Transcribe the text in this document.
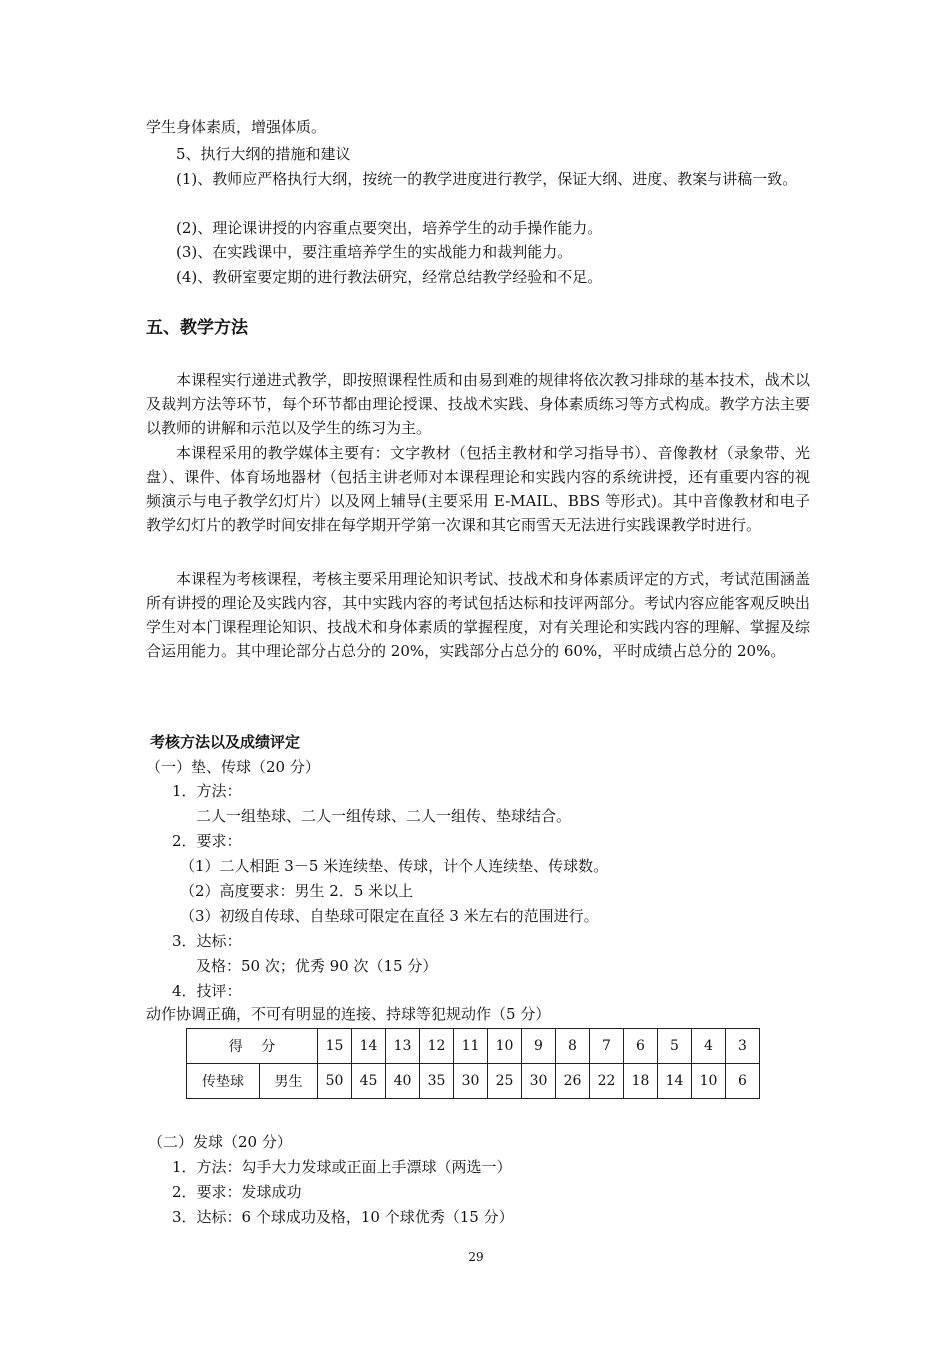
学生身体素质，增强体质。
5、执行大纲的措施和建议

(1)、教师应严格执行大纲，按统一的教学进度进行教学，保证大纲、进度、教案与讲稿一致。

(2)、理论课讲授的内容重点要突出，培养学生的动手操作能力。
(3)、在实践课中，要注重培养学生的实战能力和裁判能力。
(4)、教研室要定期的进行教法研究，经常总结教学经验和不足。
五、教学方法

本课程实行递进式教学，即按照课程性质和由易到难的规律将依次教习排球的基本技术，战术以及裁判方法等环节，每个环节都由理论授课、技战术实践、身体素质练习等方式构成。教学方法主要以教师的讲解和示范以及学生的练习为主。

本课程采用的教学媒体主要有：文字教材（包括主教材和学习指导书）、音像教材（录象带、光盘）、课件、体育场地器材（包括主讲老师对本课程理论和实践内容的系统讲授，还有重要内容的视频演示与电子教学幻灯片）以及网上辅导(主要采用 E-MAIL、BBS 等形式)。其中音像教材和电子教学幻灯片的教学时间安排在每学期开学第一次课和其它雨雪天无法进行实践课教学时进行。

本课程为考核课程，考核主要采用理论知识考试、技战术和身体素质评定的方式，考试范围涵盖所有讲授的理论及实践内容，其中实践内容的考试包括达标和技评两部分。考试内容应能客观反映出学生对本门课程理论知识、技战术和身体素质的掌握程度，对有关理论和实践内容的理解、掌握及综合运用能力。其中理论部分占总分的 20%，实践部分占总分的 60%，平时成绩占总分的 20%。

考核方法以及成绩评定
（一）垫、传球（20 分）
1．方法：
二人一组垫球、二人一组传球、二人一组传、垫球结合。
2．要求：
（1）二人相距 3－5 米连续垫、传球，计个人连续垫、传球数。
（2）高度要求：男生 2．5 米以上
（3）初级自传球、自垫球可限定在直径 3 米左右的范围进行。
3．达标：
及格：50 次；优秀 90 次（15 分）
4．技评：
动作协调正确，不可有明显的连接、持球等犯规动作（5 分）
得　 分		15	14	13	12	11	10	9	8	7	6	5	4	3
传垫球	男生	50	45	40	35	30	25	30	26	22	18	14	10	6
（二）发球（20 分）
1．方法：勾手大力发球或正面上手漂球（两选一）
2．要求：发球成功
3．达标：6 个球成功及格，10 个球优秀（15 分）
29
